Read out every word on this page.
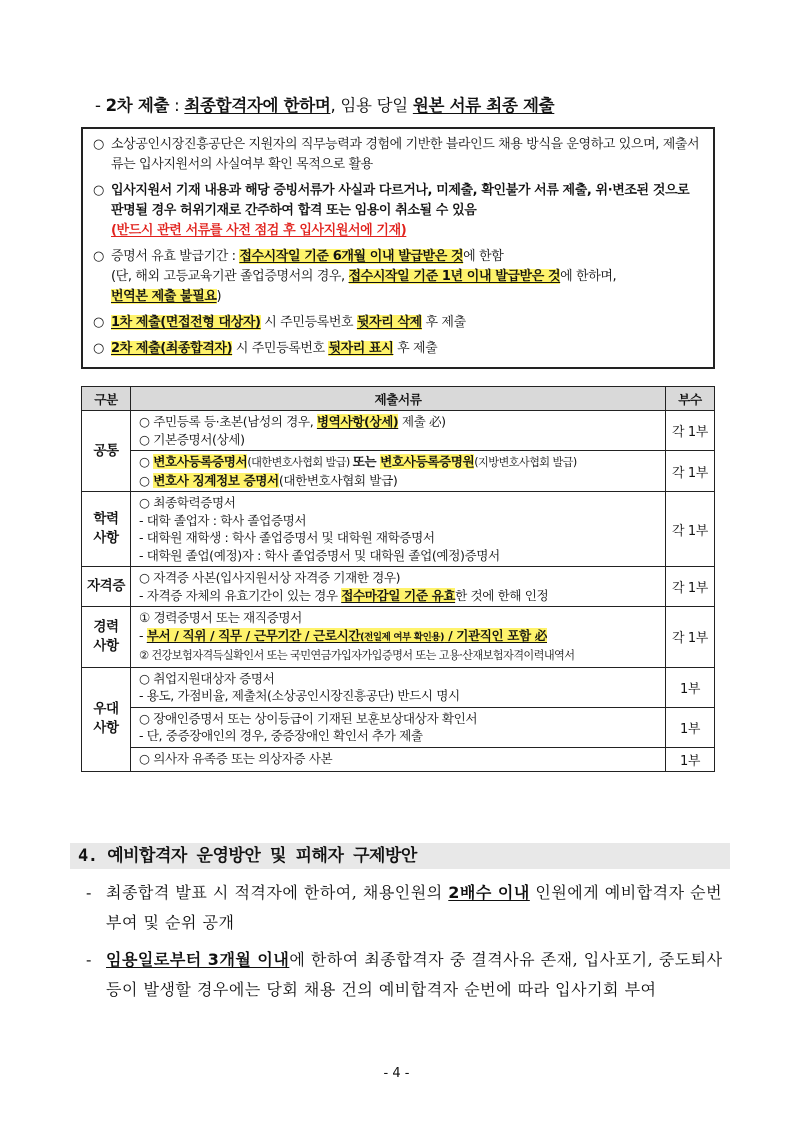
- 2차 제출 : 최종합격자에 한하며, 임용 당일 원본 서류 최종 제출
○ 소상공인시장진흥공단은 지원자의 직무능력과 경험에 기반한 블라인드 채용 방식을 운영하고 있으며, 제출서류는 입사지원서의 사실여부 확인 목적으로 활용
○ 입사지원서 기재 내용과 해당 증빙서류가 사실과 다르거나, 미제출, 확인불가 서류 제출, 위·변조된 것으로 판명될 경우 허위기재로 간주하여 합격 또는 임용이 취소될 수 있음
(반드시 관련 서류를 사전 점검 후 입사지원서에 기재)
○ 증명서 유효 발급기간 : 접수시작일 기준 6개월 이내 발급받은 것에 한함
(단, 해외 고등교육기관 졸업증명서의 경우, 접수시작일 기준 1년 이내 발급받은 것에 한하며,
번역본 제출 불필요)
○ 1차 제출(면접전형 대상자) 시 주민등록번호 뒷자리 삭제 후 제출
○ 2차 제출(최종합격자) 시 주민등록번호 뒷자리 표시 후 제출
구분	제출서류	부수
공통	○ 주민등록 등·초본(남성의 경우, 병역사항(상세) 제출 必)
○ 기본증명서(상세)	각 1부
	○ 변호사등록증명서(대한변호사협회 발급) 또는 변호사등록증명원(지방변호사협회 발급)
○ 변호사 징계정보 증명서(대한변호사협회 발급)	각 1부
학력
사항	○ 최종학력증명서
- 대학 졸업자 : 학사 졸업증명서
- 대학원 재학생 : 학사 졸업증명서 및 대학원 재학증명서
- 대학원 졸업(예정)자 : 학사 졸업증명서 및 대학원 졸업(예정)증명서	각 1부
자격증	○ 자격증 사본(입사지원서상 자격증 기재한 경우)
- 자격증 자체의 유효기간이 있는 경우 접수마감일 기준 유효한 것에 한해 인정	각 1부
경력
사항	① 경력증명서 또는 재직증명서
- 부서 / 직위 / 직무 / 근무기간 / 근로시간(전일제 여부 확인용) / 기관직인 포함 必
② 건강보험자격득실확인서 또는 국민연금가입자가입증명서 또는 고용·산재보험자격이력내역서	각 1부
우대
사항	○ 취업지원대상자 증명서
- 용도, 가점비율, 제출처(소상공인시장진흥공단) 반드시 명시	1부
	○ 장애인증명서 또는 상이등급이 기재된 보훈보상대상자 확인서
- 단, 중증장애인의 경우, 중증장애인 확인서 추가 제출	1부
	○ 의사자 유족증 또는 의상자증 사본	1부
4. 예비합격자 운영방안 및 피해자 구제방안
- 최종합격 발표 시 적격자에 한하여, 채용인원의 2배수 이내 인원에게 예비합격자 순번 부여 및 순위 공개
- 임용일로부터 3개월 이내에 한하여 최종합격자 중 결격사유 존재, 입사포기, 중도퇴사 등이 발생할 경우에는 당회 채용 건의 예비합격자 순번에 따라 입사기회 부여
- 4 -
